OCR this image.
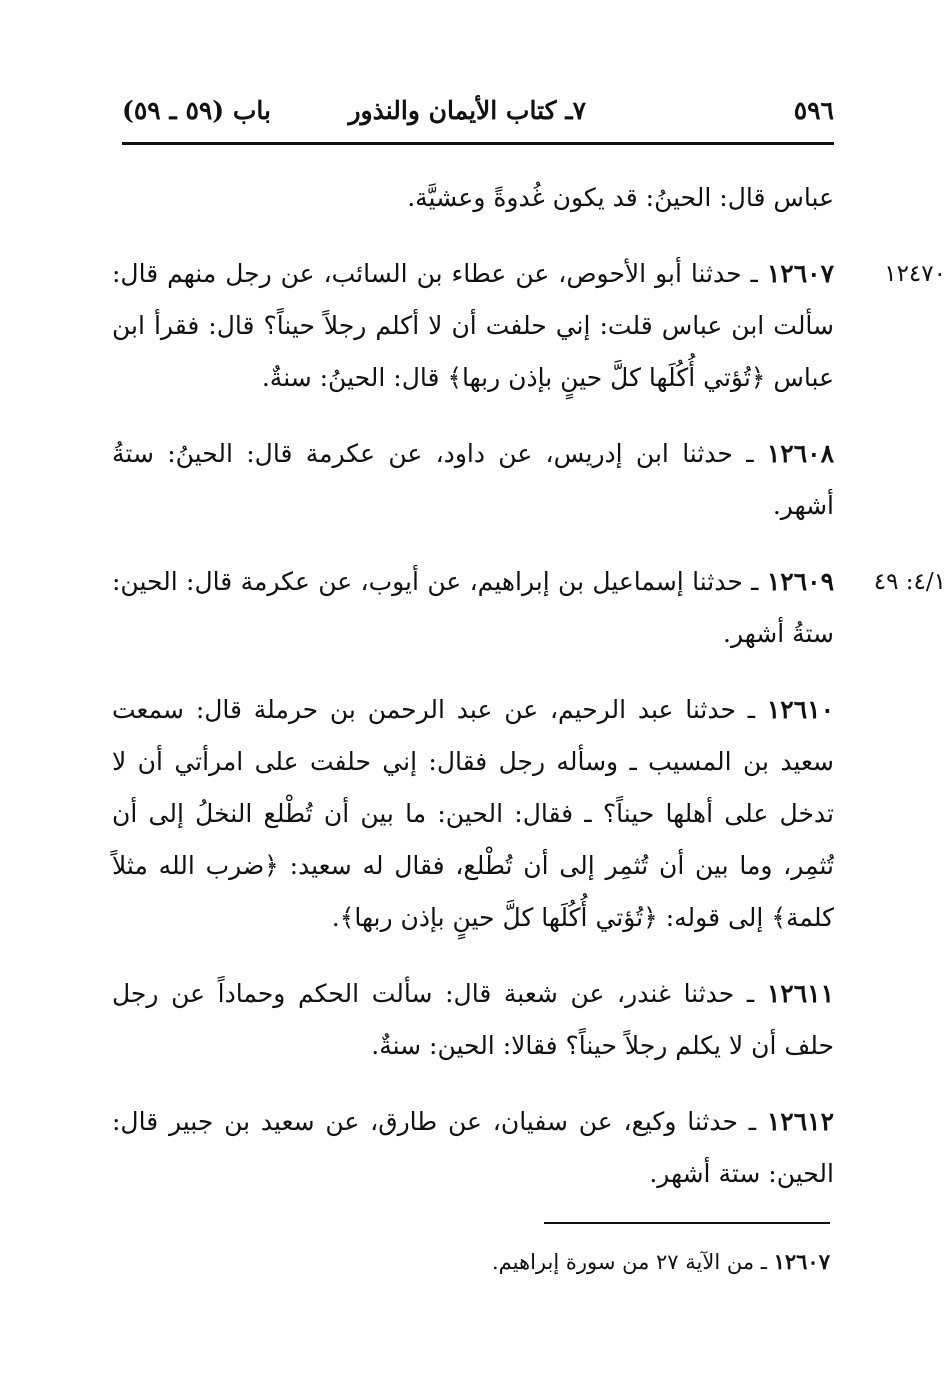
٥٩٦
٧ـ كتاب الأيمان والنذور
باب (٥٩ ـ ٥٩)

عباس قال: الحينُ: قد يكون غُدوةً وعشيَّة.

١٢٤٧٠
١٢٦٠٧ ـ حدثنا أبو الأحوص، عن عطاء بن السائب، عن رجل منهم قال: سألت ابن عباس قلت: إني حلفت أن لا أكلم رجلاً حيناً؟ قال: فقرأ ابن عباس ﴿تُؤتي أُكُلَها كلَّ حينٍ بإذن ربها﴾ قال: الحينُ: سنةٌ.

١٢٦٠٨ ـ حدثنا ابن إدريس، عن داود، عن عكرمة قال: الحينُ: ستةُ أشهر.

٤/١: ٤٩
١٢٦٠٩ ـ حدثنا إسماعيل بن إبراهيم، عن أيوب، عن عكرمة قال: الحين: ستةُ أشهر.

١٢٦١٠ ـ حدثنا عبد الرحيم، عن عبد الرحمن بن حرملة قال: سمعت سعيد بن المسيب ـ وسأله رجل فقال: إني حلفت على امرأتي أن لا تدخل على أهلها حيناً؟ ـ فقال: الحين: ما بين أن تُطْلع النخلُ إلى أن تُثمِر، وما بين أن تُثمِر إلى أن تُطْلع، فقال له سعيد: ﴿ضرب الله مثلاً كلمة﴾ إلى قوله: ﴿تُؤتي أُكُلَها كلَّ حينٍ بإذن ربها﴾.

١٢٦١١ ـ حدثنا غندر، عن شعبة قال: سألت الحكم وحماداً عن رجل حلف أن لا يكلم رجلاً حيناً؟ فقالا: الحين: سنةٌ.

١٢٦١٢ ـ حدثنا وكيع، عن سفيان، عن طارق، عن سعيد بن جبير قال: الحين: ستة أشهر.

١٢٦٠٧ ـ من الآية ٢٧ من سورة إبراهيم.
